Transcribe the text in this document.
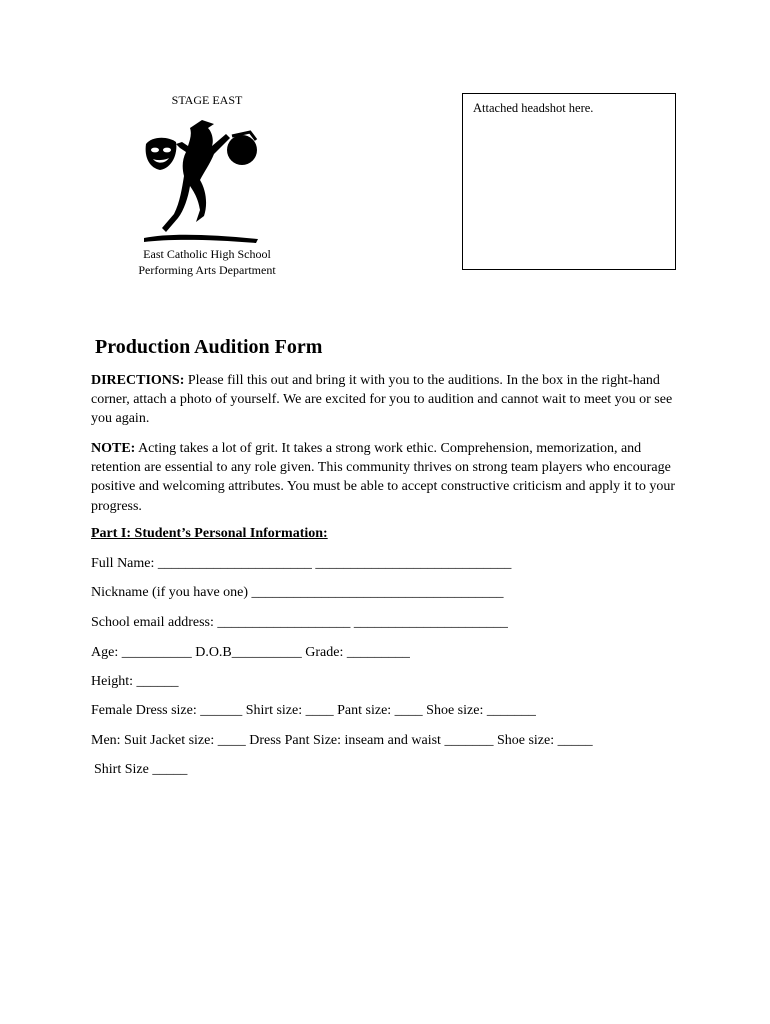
STAGE EAST
East Catholic High School
Performing Arts Department
Attached headshot here.
Production Audition Form
DIRECTIONS: Please fill this out and bring it with you to the auditions. In the box in the right-hand corner, attach a photo of yourself. We are excited for you to audition and cannot wait to meet you or see you again.
NOTE: Acting takes a lot of grit. It takes a strong work ethic. Comprehension, memorization, and retention are essential to any role given. This community thrives on strong team players who encourage positive and welcoming attributes. You must be able to accept constructive criticism and apply it to your progress.
Part I: Student’s Personal Information:
Full Name: ______________________ ____________________________
Nickname (if you have one) ____________________________________
School email address: ___________________ ______________________
Age: __________ D.O.B__________ Grade: _________
Height: ______
Female Dress size: ______ Shirt size: ____ Pant size: ____ Shoe size: _______
Men: Suit Jacket size: ____ Dress Pant Size: inseam and waist _______ Shoe size: _____
Shirt Size _____
